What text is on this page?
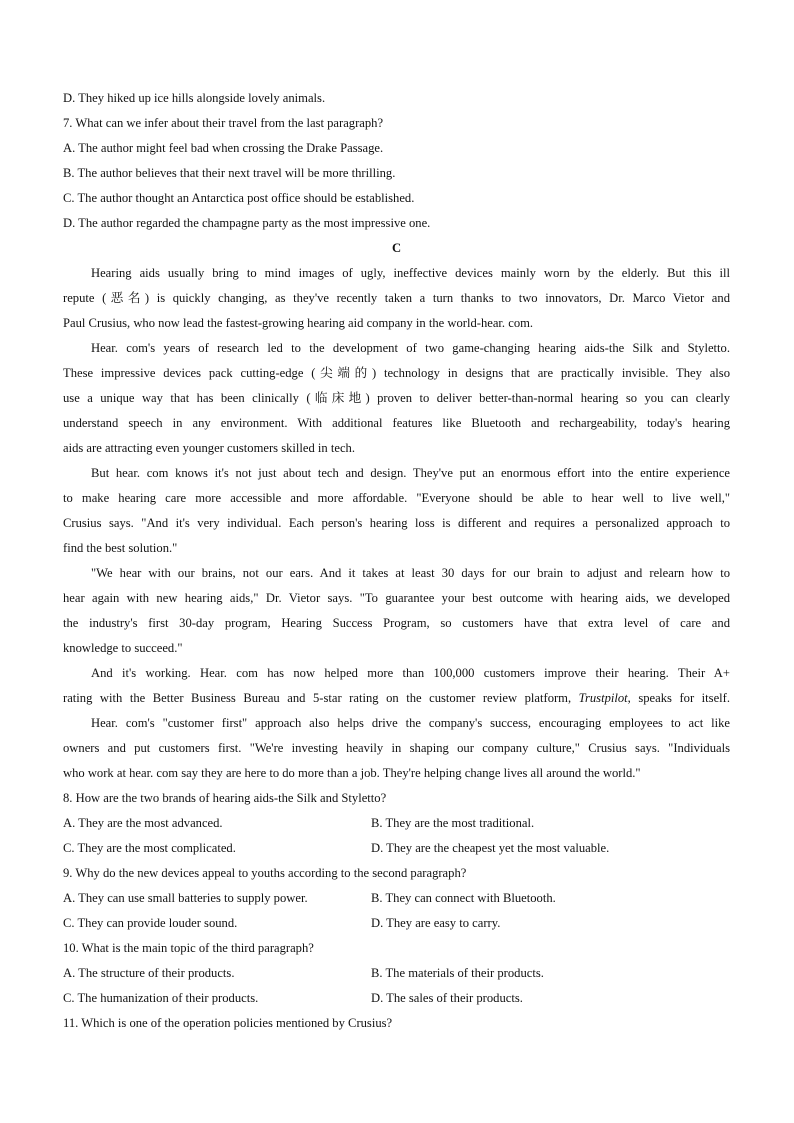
D. They hiked up ice hills alongside lovely animals.
7. What can we infer about their travel from the last paragraph?
A. The author might feel bad when crossing the Drake Passage.
B. The author believes that their next travel will be more thrilling.
C. The author thought an Antarctica post office should be established.
D. The author regarded the champagne party as the most impressive one.
C
Hearing aids usually bring to mind images of ugly, ineffective devices mainly worn by the elderly. But this ill
repute (恶名) is quickly changing, as they've recently taken a turn thanks to two innovators, Dr. Marco Vietor and
Paul Crusius, who now lead the fastest-growing hearing aid company in the world-hear. com.
Hear. com's years of research led to the development of two game-changing hearing aids-the Silk and Styletto.
These impressive devices pack cutting-edge (尖端的) technology in designs that are practically invisible. They also
use a unique way that has been clinically (临床地) proven to deliver better-than-normal hearing so you can clearly
understand speech in any environment. With additional features like Bluetooth and rechargeability, today's hearing
aids are attracting even younger customers skilled in tech.
But hear. com knows it's not just about tech and design. They've put an enormous effort into the entire experience
to make hearing care more accessible and more affordable. "Everyone should be able to hear well to live well,"
Crusius says. "And it's very individual. Each person's hearing loss is different and requires a personalized approach to
find the best solution."
"We hear with our brains, not our ears. And it takes at least 30 days for our brain to adjust and relearn how to
hear again with new hearing aids," Dr. Vietor says. "To guarantee your best outcome with hearing aids, we developed
the industry's first 30-day program, Hearing Success Program, so customers have that extra level of care and
knowledge to succeed."
And it's working. Hear. com has now helped more than 100,000 customers improve their hearing. Their A+
rating with the Better Business Bureau and 5-star rating on the customer review platform, Trustpilot, speaks for itself.
Hear. com's "customer first" approach also helps drive the company's success, encouraging employees to act like
owners and put customers first. "We're investing heavily in shaping our company culture," Crusius says. "Individuals
who work at hear. com say they are here to do more than a job. They're helping change lives all around the world."
8. How are the two brands of hearing aids-the Silk and Styletto?
A. They are the most advanced.	B. They are the most traditional.
C. They are the most complicated.	D. They are the cheapest yet the most valuable.
9. Why do the new devices appeal to youths according to the second paragraph?
A. They can use small batteries to supply power.	B. They can connect with Bluetooth.
C. They can provide louder sound.	D. They are easy to carry.
10. What is the main topic of the third paragraph?
A. The structure of their products.	B. The materials of their products.
C. The humanization of their products.	D. The sales of their products.
11. Which is one of the operation policies mentioned by Crusius?
